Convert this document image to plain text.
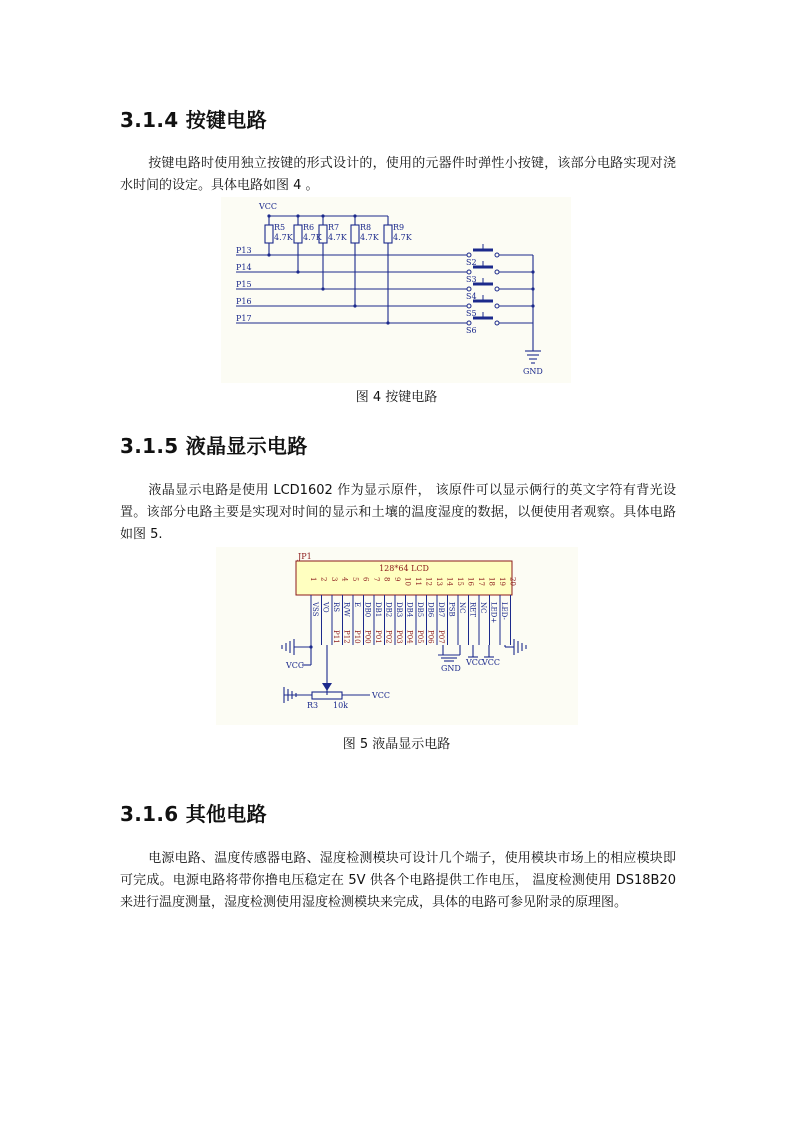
3.1.4 按键电路

按键电路时使用独立按键的形式设计的，使用的元器件时弹性小按键，该部分电路实现对浇水时间的设定。具体电路如图 4 。

VCC
R5
4.7K
R6
4.7K
R7
4.7K
R8
4.7K
R9
4.7K
P13
P14
P15
P16
P17
S2
S3
S4
S5
S6
GND
图 4 按键电路
3.1.5 液晶显示电路

液晶显示电路是使用 LCD1602 作为显示原件， 该原件可以显示俩行的英文字符有背光设置。该部分电路主要是实现对时间的显示和土壤的温度湿度的数据，以便使用者观察。具体电路如图 5.

JP1
128*64 LCD
1
VSS
2
VO
3
RS
P11
4
R/W
P12
5
E
P10
6
DB0
P00
7
DB1
P01
8
DB2
P02
9
DB3
P03
10
DB4
P04
11
DB5
P05
12
DB6
P06
13
DB7
P07
14
PSB
15
NC
16
RET
17
NC
18
LED+
19
LED-
20
VCC	GND
VCC
VCC
R3 10k
VCC
图 5 液晶显示电路
3.1.6 其他电路

电源电路、温度传感器电路、湿度检测模块可设计几个端子，使用模块市场上的相应模块即可完成。电源电路将带你撸电压稳定在 5V 供各个电路提供工作电压， 温度检测使用 DS18B20 来进行温度测量，湿度检测使用湿度检测模块来完成，具体的电路可参见附录的原理图。
